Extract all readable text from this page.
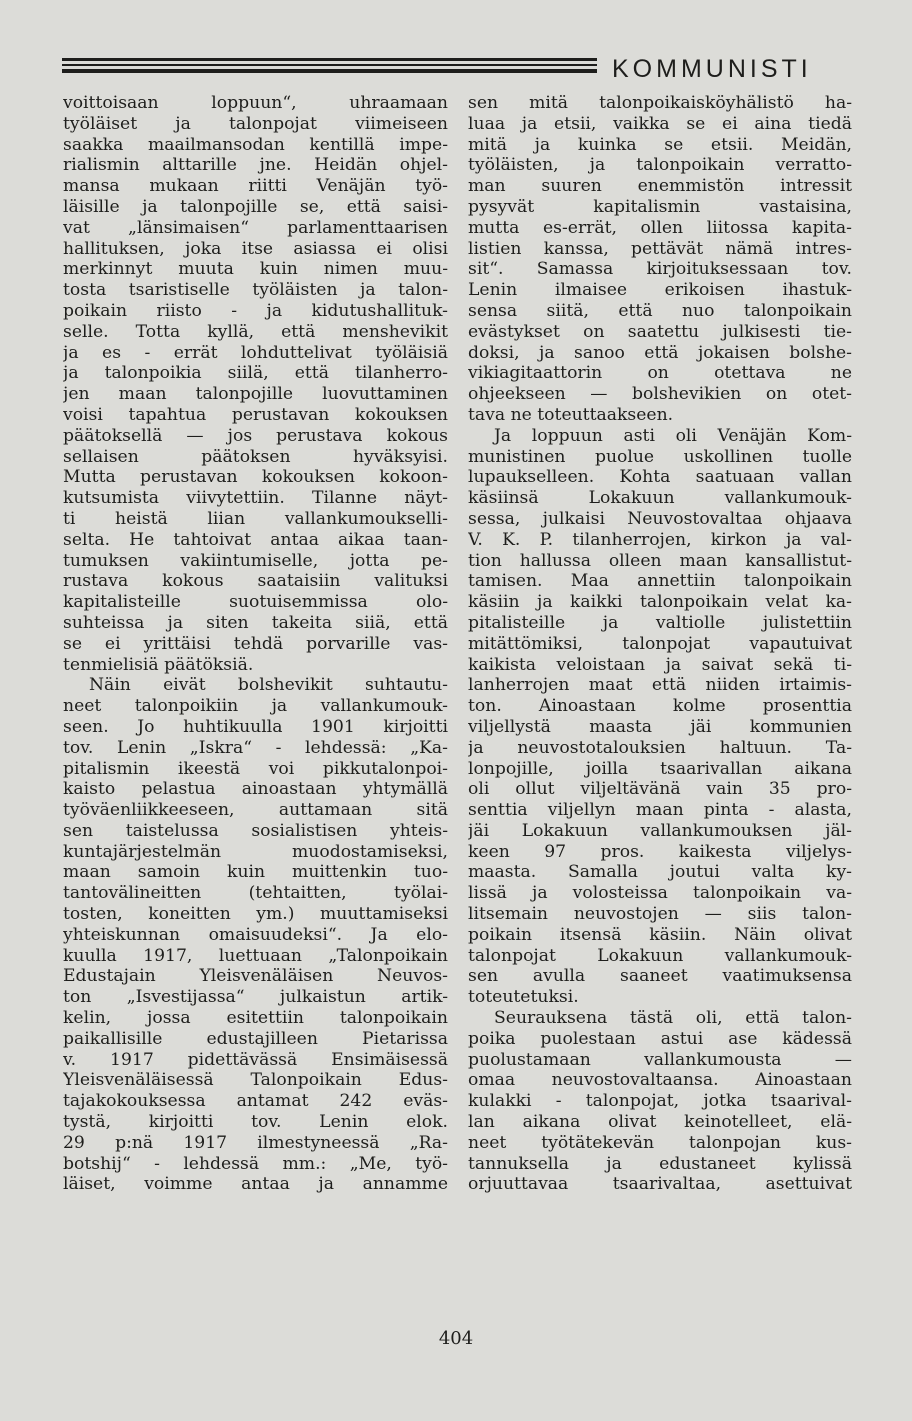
KOMMUNISTI
voittoisaan loppuun“, uhraamaan
työläiset ja talonpojat viimeiseen
saakka maailmansodan kentillä impe-
rialismin alttarille jne. Heidän ohjel-
mansa mukaan riitti Venäjän työ-
läisille ja talonpojille se, että saisi-
vat „länsimaisen“ parlamenttaarisen
hallituksen, joka itse asiassa ei olisi
merkinnyt muuta kuin nimen muu-
tosta tsaristiselle työläisten ja talon-
poikain riisto - ja kidutushallituk-
selle. Totta kyllä, että menshevikit
ja es - errät lohduttelivat työläisiä
ja talonpoikia siilä, että tilanherro-
jen maan talonpojille luovuttaminen
voisi tapahtua perustavan kokouksen
päätoksellä — jos perustava kokous
sellaisen päätoksen hyväksyisi.
Mutta perustavan kokouksen kokoon-
kutsumista viivytettiin. Tilanne näyt-
ti heistä liian vallankumoukselli-
selta. He tahtoivat antaa aikaa taan-
tumuksen vakiintumiselle, jotta pe-
rustava kokous saataisiin valituksi
kapitalisteille suotuisemmissa olo-
suhteissa ja siten takeita siiä, että
se ei yrittäisi tehdä porvarille vas-
tenmielisiä päätöksiä.
Näin eivät bolshevikit suhtautu-
neet talonpoikiin ja vallankumouk-
seen. Jo huhtikuulla 1901 kirjoitti
tov. Lenin „Iskra“ - lehdessä: „Ka-
pitalismin ikeestä voi pikkutalonpoi-
kaisto pelastua ainoastaan yhtymällä
työväenliikkeeseen, auttamaan sitä
sen taistelussa sosialistisen yhteis-
kuntajärjestelmän muodostamiseksi,
maan samoin kuin muittenkin tuo-
tantovälineitten (tehtaitten, työlai-
tosten, koneitten ym.) muuttamiseksi
yhteiskunnan omaisuudeksi“. Ja elo-
kuulla 1917, luettuaan „Talonpoikain
Edustajain Yleisvenäläisen Neuvos-
ton „Isvestijassa“ julkaistun artik-
kelin, jossa esitettiin talonpoikain
paikallisille edustajilleen Pietarissa
v. 1917 pidettävässä Ensimäisessä
Yleisvenäläisessä Talonpoikain Edus-
tajakokouksessa antamat 242 eväs-
tystä, kirjoitti tov. Lenin elok.
29 p:nä 1917 ilmestyneessä „Ra-
botshij“ - lehdessä mm.: „Me, työ-
läiset, voimme antaa ja annamme
sen mitä talonpoikaisköyhälistö ha-
luaa ja etsii, vaikka se ei aina tiedä
mitä ja kuinka se etsii. Meidän,
työläisten, ja talonpoikain verratto-
man suuren enemmistön intressit
pysyvät kapitalismin vastaisina,
mutta es-errät, ollen liitossa kapita-
listien kanssa, pettävät nämä intres-
sit“. Samassa kirjoituksessaan tov.
Lenin ilmaisee erikoisen ihastuk-
sensa siitä, että nuo talonpoikain
evästykset on saatettu julkisesti tie-
doksi, ja sanoo että jokaisen bolshe-
vikiagitaattorin on otettava ne
ohjeekseen — bolshevikien on otet-
tava ne toteuttaakseen.
Ja loppuun asti oli Venäjän Kom-
munistinen puolue uskollinen tuolle
lupaukselleen. Kohta saatuaan vallan
käsiinsä Lokakuun vallankumouk-
sessa, julkaisi Neuvostovaltaa ohjaava
V. K. P. tilanherrojen, kirkon ja val-
tion hallussa olleen maan kansallistut-
tamisen. Maa annettiin talonpoikain
käsiin ja kaikki talonpoikain velat ka-
pitalisteille ja valtiolle julistettiin
mitättömiksi, talonpojat vapautuivat
kaikista veloistaan ja saivat sekä ti-
lanherrojen maat että niiden irtaimis-
ton. Ainoastaan kolme prosenttia
viljellystä maasta jäi kommunien
ja neuvostotalouksien haltuun. Ta-
lonpojille, joilla tsaarivallan aikana
oli ollut viljeltävänä vain 35 pro-
senttia viljellyn maan pinta - alasta,
jäi Lokakuun vallankumouksen jäl-
keen 97 pros. kaikesta viljelys-
maasta. Samalla joutui valta ky-
lissä ja volosteissa talonpoikain va-
litsemain neuvostojen — siis talon-
poikain itsensä käsiin. Näin olivat
talonpojat Lokakuun vallankumouk-
sen avulla saaneet vaatimuksensa
toteutetuksi.
Seurauksena tästä oli, että talon-
poika puolestaan astui ase kädessä
puolustamaan vallankumousta —
omaa neuvostovaltaansa. Ainoastaan
kulakki - talonpojat, jotka tsaarival-
lan aikana olivat keinotelleet, elä-
neet työtätekevän talonpojan kus-
tannuksella ja edustaneet kylissä
orjuuttavaa tsaarivaltaa, asettuivat
404
